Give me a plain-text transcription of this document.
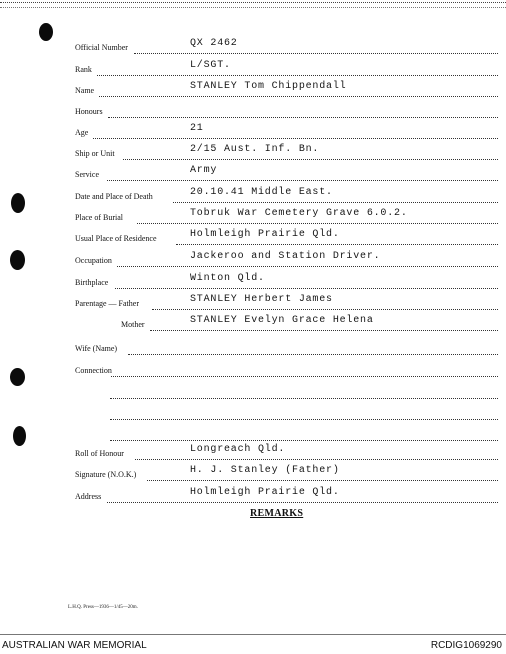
Official Number	QX 2462
Rank	L/SGT.
Name	STANLEY Tom Chippendall
Honours
Age	21
Ship or Unit	2/15 Aust. Inf. Bn.
Service	Army
Date and Place of Death	20.10.41 Middle East.
Place of Burial	Tobruk War Cemetery Grave 6.0.2.
Usual Place of Residence	Holmleigh Prairie Qld.
Occupation	Jackeroo and Station Driver.
Birthplace	Winton Qld.
Parentage — Father	STANLEY Herbert James
Mother	STANLEY Evelyn Grace Helena
Wife (Name)
Connection
Roll of Honour	Longreach Qld.
Signature (N.O.K.)	H. J. Stanley (Father)
Address	Holmleigh Prairie Qld.
REMARKS
L.H.Q. Press—1936—1/45—20m.
AUSTRALIAN WAR MEMORIAL	RCDIG1069290
